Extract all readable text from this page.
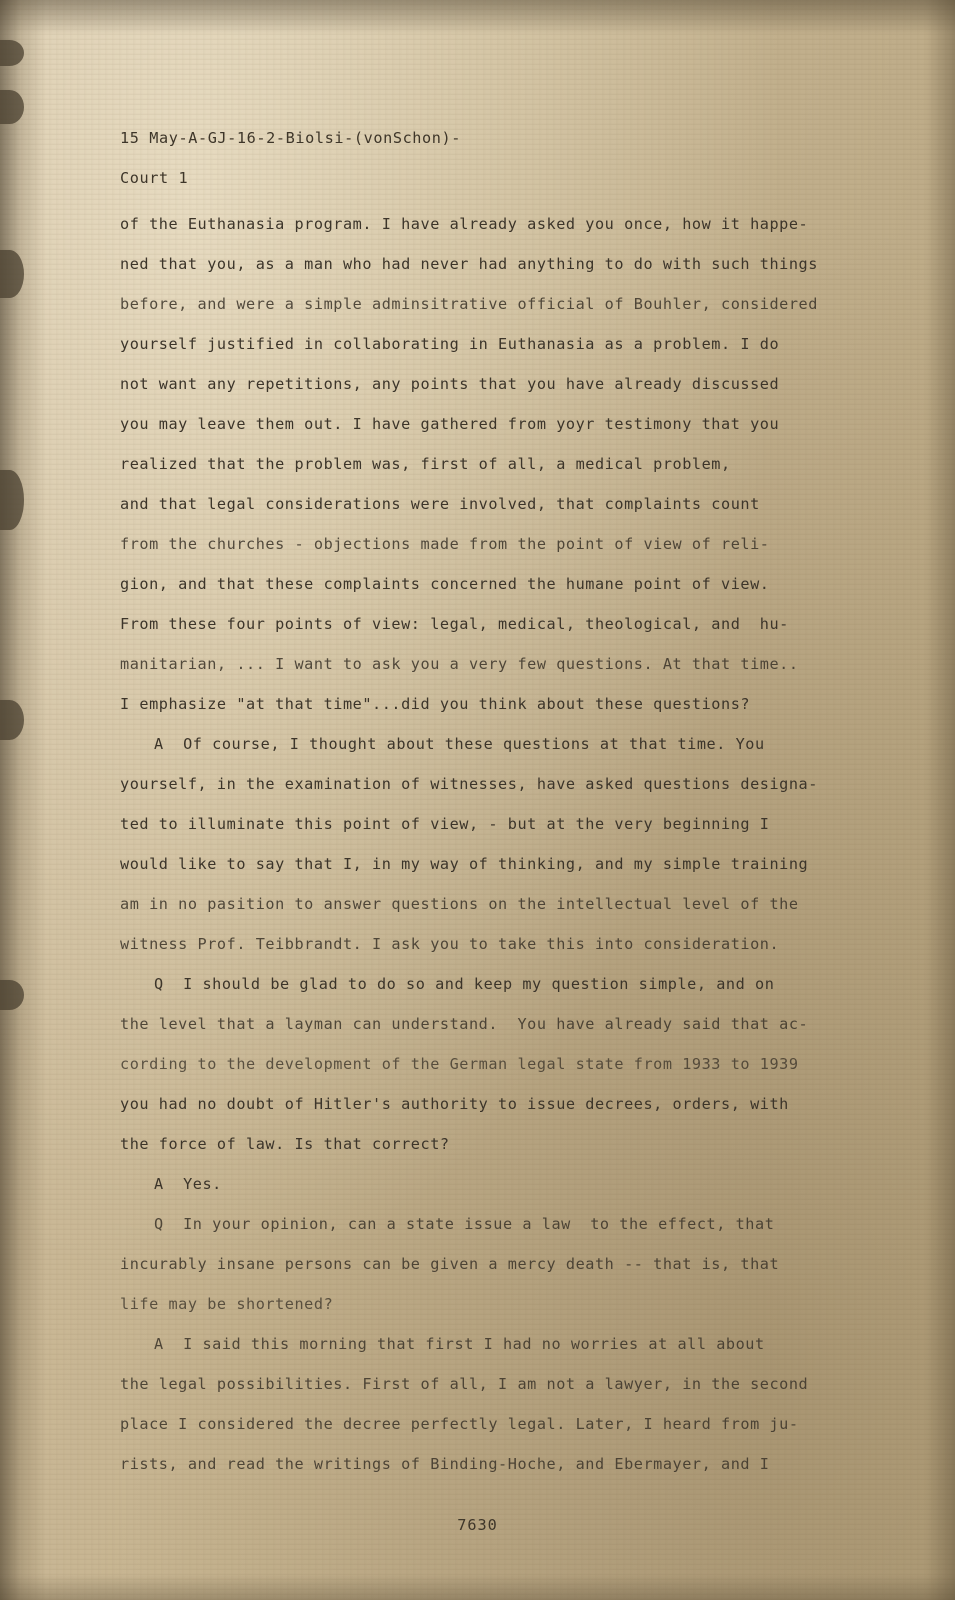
15 May-A-GJ-16-2-Biolsi-(vonSchon)-
Court 1
of the Euthanasia program. I have already asked you once, how it happe-
ned that you, as a man who had never had anything to do with such things
before, and were a simple adminsitrative official of Bouhler, considered
yourself justified in collaborating in Euthanasia as a problem. I do
not want any repetitions, any points that you have already discussed
you may leave them out. I have gathered from yoyr testimony that you
realized that the problem was, first of all, a medical problem,
and that legal considerations were involved, that complaints count
from the churches - objections made from the point of view of reli-
gion, and that these complaints concerned the humane point of view.
From these four points of view: legal, medical, theological, and  hu-
manitarian, ... I want to ask you a very few questions. At that time..
I emphasize "at that time"...did you think about these questions?
A  Of course, I thought about these questions at that time. You
yourself, in the examination of witnesses, have asked questions designa-
ted to illuminate this point of view, - but at the very beginning I
would like to say that I, in my way of thinking, and my simple training
am in no pasition to answer questions on the intellectual level of the
witness Prof. Teibbrandt. I ask you to take this into consideration.
Q  I should be glad to do so and keep my question simple, and on
the level that a layman can understand.  You have already said that ac-
cording to the development of the German legal state from 1933 to 1939
you had no doubt of Hitler's authority to issue decrees, orders, with
the force of law. Is that correct?
A  Yes.
Q  In your opinion, can a state issue a law  to the effect, that
incurably insane persons can be given a mercy death -- that is, that
life may be shortened?
A  I said this morning that first I had no worries at all about
the legal possibilities. First of all, I am not a lawyer, in the second
place I considered the decree perfectly legal. Later, I heard from ju-
rists, and read the writings of Binding-Hoche, and Ebermayer, and I
7630
